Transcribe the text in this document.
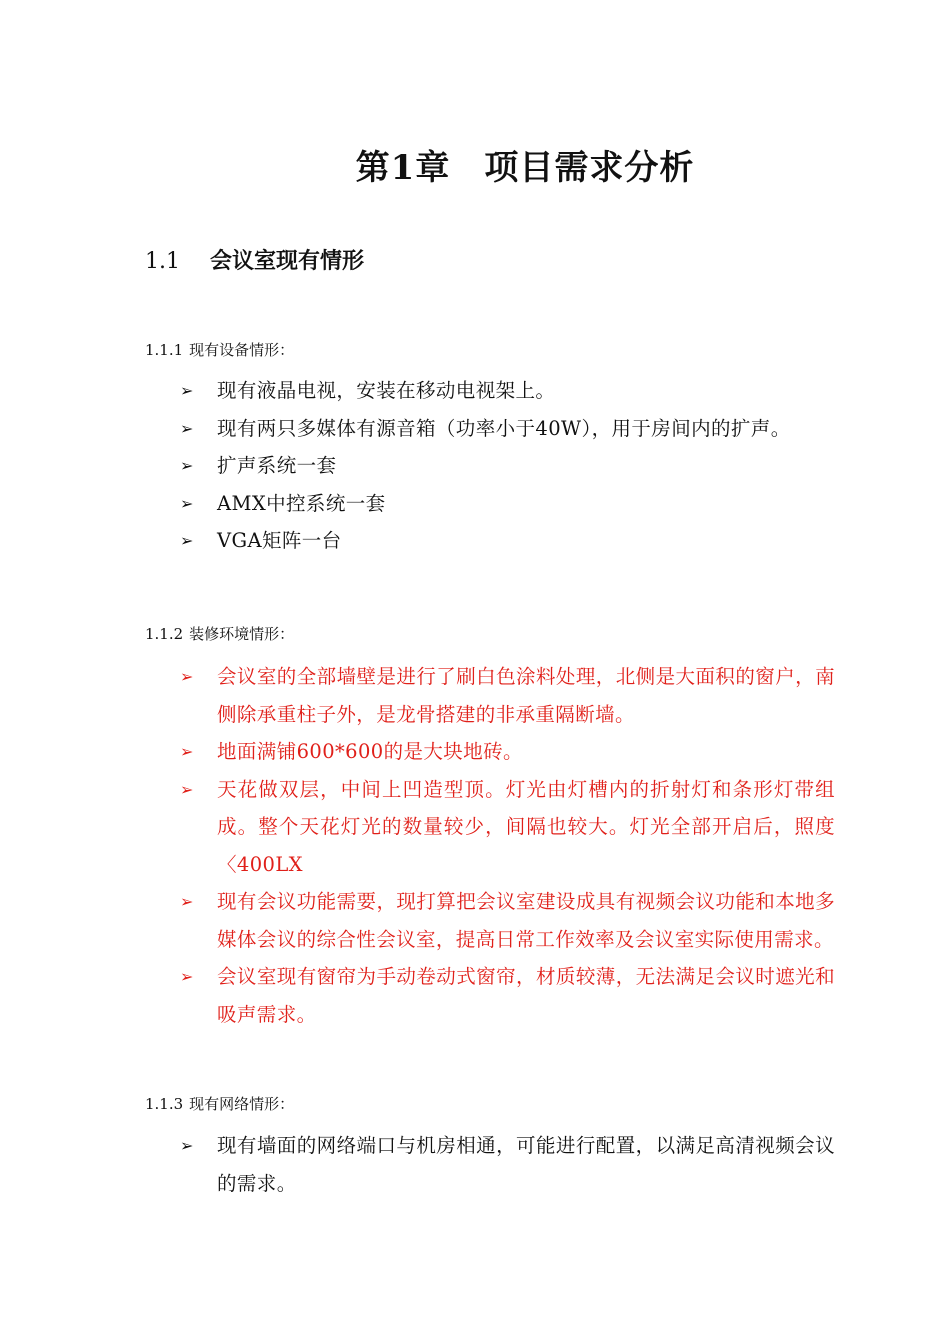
第1章 项目需求分析
1.1 会议室现有情形
1.1.1 现有设备情形：
➢	现有液晶电视，安装在移动电视架上。
➢	现有两只多媒体有源音箱（功率小于40W），用于房间内的扩声。
➢	扩声系统一套
➢	AMX中控系统一套
➢	VGA矩阵一台
1.1.2 装修环境情形：
➢	会议室的全部墙壁是进行了刷白色涂料处理，北侧是大面积的窗户，南侧除承重柱子外，是龙骨搭建的非承重隔断墙。
➢	地面满铺600*600的是大块地砖。
➢	天花做双层，中间上凹造型顶。灯光由灯槽内的折射灯和条形灯带组成。整个天花灯光的数量较少，间隔也较大。灯光全部开启后，照度〈400LX
➢	现有会议功能需要，现打算把会议室建设成具有视频会议功能和本地多媒体会议的综合性会议室，提高日常工作效率及会议室实际使用需求。
➢	会议室现有窗帘为手动卷动式窗帘，材质较薄，无法满足会议时遮光和吸声需求。
1.1.3 现有网络情形：
➢	现有墙面的网络端口与机房相通，可能进行配置，以满足高清视频会议的需求。
